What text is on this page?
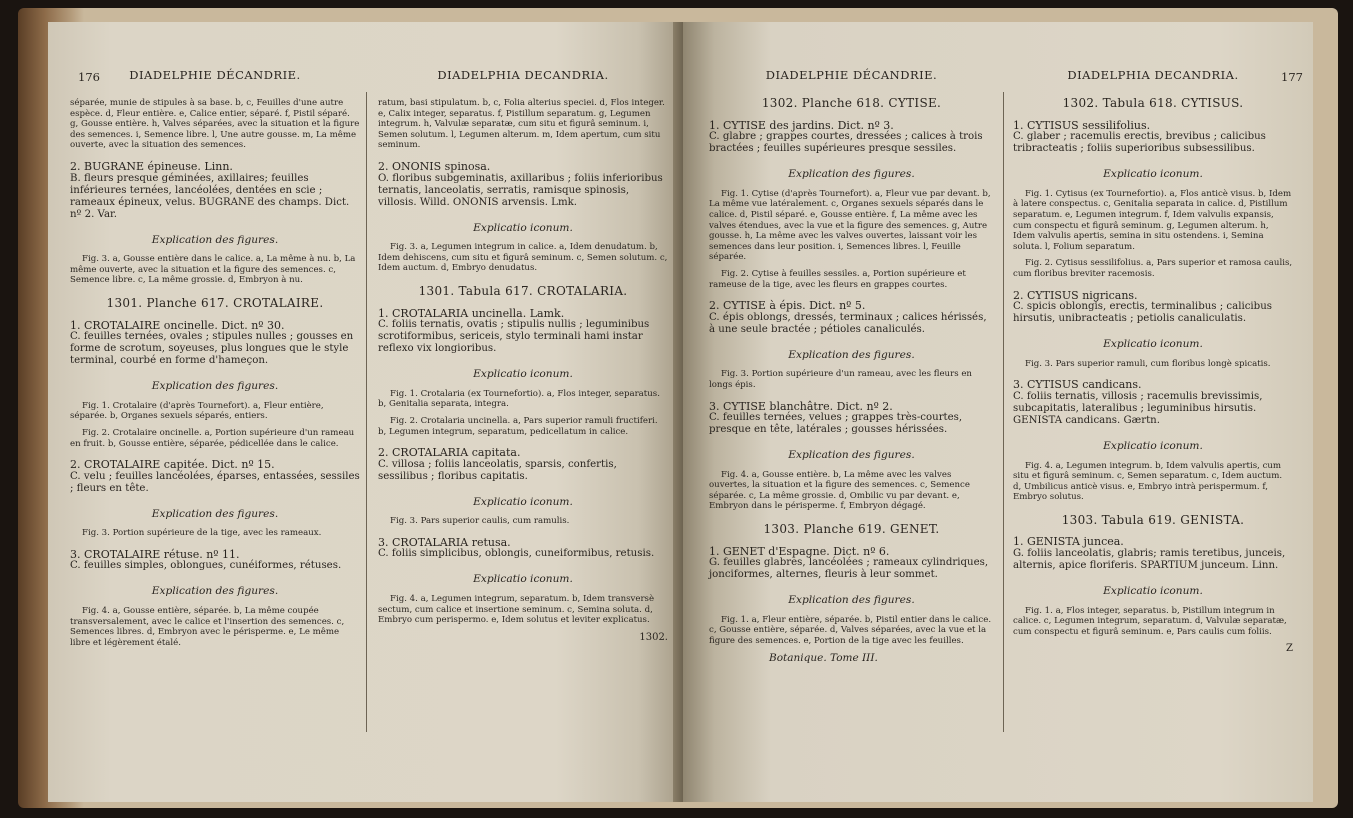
176	DIADELPHIE DÉCANDRIE.
séparée, munie de stipules à sa base. b, c, Feuilles d'une autre espèce. d, Fleur entière. e, Calice entier, séparé. f, Pistil séparé. g, Gousse entière. h, Valves séparées, avec la situation et la figure des semences. i, Semence libre. l, Une autre gousse. m, La même ouverte, avec la situation des semences.
2. BUGRANE épineuse. Linn.
B. fleurs presque géminées, axillaires; feuilles inférieures ternées, lancéolées, dentées en scie ; rameaux épineux, velus. BUGRANE des champs. Dict. nº 2. Var.
Explication des figures.
Fig. 3. a, Gousse entière dans le calice. a, La même à nu. b, La même ouverte, avec la situation et la figure des semences. c, Semence libre. c, La même grossie. d, Embryon à nu.
1301. Planche 617. CROTALAIRE.
1. CROTALAIRE oncinelle. Dict. nº 30.
C. feuilles ternées, ovales ; stipules nulles ; gousses en forme de scrotum, soyeuses, plus longues que le style terminal, courbé en forme d'hameçon.
Explication des figures.
Fig. 1. Crotalaire (d'après Tournefort). a, Fleur entière, séparée. b, Organes sexuels séparés, entiers.
Fig. 2. Crotalaire oncinelle. a, Portion supérieure d'un rameau en fruit. b, Gousse entière, séparée, pédicellée dans le calice.
2. CROTALAIRE capitée. Dict. nº 15.
C. velu ; feuilles lancéolées, éparses, entassées, sessiles ; fleurs en tête.
Explication des figures.
Fig. 3. Portion supérieure de la tige, avec les rameaux.
3. CROTALAIRE rétuse. nº 11.
C. feuilles simples, oblongues, cunéiformes, rétuses.
Explication des figures.
Fig. 4. a, Gousse entière, séparée. b, La même coupée transversalement, avec le calice et l'insertion des semences. c, Semences libres. d, Embryon avec le périsperme. e, Le même libre et légèrement étalé.
DIADELPHIA DECANDRIA.
ratum, basi stipulatum. b, c, Folia alterius speciei. d, Flos integer. e, Calix integer, separatus. f, Pistillum separatum. g, Legumen integrum. h, Valvulæ separatæ, cum situ et figurâ seminum. i, Semen solutum. l, Legumen alterum. m, Idem apertum, cum situ seminum.
2. ONONIS spinosa.
O. floribus subgeminatis, axillaribus ; foliis inferioribus ternatis, lanceolatis, serratis, ramisque spinosis, villosis. Willd. ONONIS arvensis. Lmk.
Explicatio iconum.
Fig. 3. a, Legumen integrum in calice. a, Idem denudatum. b, Idem dehiscens, cum situ et figurâ seminum. c, Semen solutum. c, Idem auctum. d, Embryo denudatus.
1301. Tabula 617. CROTALARIA.
1. CROTALARIA uncinella. Lamk.
C. foliis ternatis, ovatis ; stipulis nullis ; leguminibus scrotiformibus, sericeis, stylo terminali hami instar reflexo vix longioribus.
Explicatio iconum.
Fig. 1. Crotalaria (ex Tournefortio). a, Flos integer, separatus. b, Genitalia separata, integra.
Fig. 2. Crotalaria uncinella. a, Pars superior ramuli fructiferi. b, Legumen integrum, separatum, pedicellatum in calice.
2. CROTALARIA capitata.
C. villosa ; foliis lanceolatis, sparsis, confertis, sessilibus ; floribus capitatis.
Explicatio iconum.
Fig. 3. Pars superior caulis, cum ramulis.
3. CROTALARIA retusa.
C. foliis simplicibus, oblongis, cuneiformibus, retusis.
Explicatio iconum.
Fig. 4. a, Legumen integrum, separatum. b, Idem transversè sectum, cum calice et insertione seminum. c, Semina soluta. d, Embryo cum perispermo. e, Idem solutus et leviter explicatus.
1302.
177
DIADELPHIE DÉCANDRIE.
1302. Planche 618. CYTISE.
1. CYTISE des jardins. Dict. nº 3.
C. glabre ; grappes courtes, dressées ; calices à trois bractées ; feuilles supérieures presque sessiles.
Explication des figures.
Fig. 1. Cytise (d'après Tournefort). a, Fleur vue par devant. b, La même vue latéralement. c, Organes sexuels séparés dans le calice. d, Pistil séparé. e, Gousse entière. f, La même avec les valves étendues, avec la vue et la figure des semences. g, Autre gousse. h, La même avec les valves ouvertes, laissant voir les semences dans leur position. i, Semences libres. l, Feuille séparée.
Fig. 2. Cytise à feuilles sessiles. a, Portion supérieure et rameuse de la tige, avec les fleurs en grappes courtes.
2. CYTISE à épis. Dict. nº 5.
C. épis oblongs, dressés, terminaux ; calices hérissés, à une seule bractée ; pétioles canaliculés.
Explication des figures.
Fig. 3. Portion supérieure d'un rameau, avec les fleurs en longs épis.
3. CYTISE blanchâtre. Dict. nº 2.
C. feuilles ternées, velues ; grappes très-courtes, presque en tête, latérales ; gousses hérissées.
Explication des figures.
Fig. 4. a, Gousse entière. b, La même avec les valves ouvertes, la situation et la figure des semences. c, Semence séparée. c, La même grossie. d, Ombilic vu par devant. e, Embryon dans le périsperme. f, Embryon dégagé.
1303. Planche 619. GENET.
1. GENET d'Espagne. Dict. nº 6.
G. feuilles glabres, lancéolées ; rameaux cylindriques, jonciformes, alternes, fleuris à leur sommet.
Explication des figures.
Fig. 1. a, Fleur entière, séparée. b, Pistil entier dans le calice. c, Gousse entière, séparée. d, Valves séparées, avec la vue et la figure des semences. e, Portion de la tige avec les feuilles.
Botanique. Tome III.
DIADELPHIA DECANDRIA.
1302. Tabula 618. CYTISUS.
1. CYTISUS sessilifolius.
C. glaber ; racemulis erectis, brevibus ; calicibus tribracteatis ; foliis superioribus subsessilibus.
Explicatio iconum.
Fig. 1. Cytisus (ex Tournefortio). a, Flos anticè visus. b, Idem à latere conspectus. c, Genitalia separata in calice. d, Pistillum separatum. e, Legumen integrum. f, Idem valvulis expansis, cum conspectu et figurâ seminum. g, Legumen alterum. h, Idem valvulis apertis, semina in situ ostendens. i, Semina soluta. l, Folium separatum.
Fig. 2. Cytisus sessilifolius. a, Pars superior et ramosa caulis, cum floribus breviter racemosis.
2. CYTISUS nigricans.
C. spicis oblongis, erectis, terminalibus ; calicibus hirsutis, unibracteatis ; petiolis canaliculatis.
Explicatio iconum.
Fig. 3. Pars superior ramuli, cum floribus longè spicatis.
3. CYTISUS candicans.
C. foliis ternatis, villosis ; racemulis brevissimis, subcapitatis, lateralibus ; leguminibus hirsutis. GENISTA candicans. Gærtn.
Explicatio iconum.
Fig. 4. a, Legumen integrum. b, Idem valvulis apertis, cum situ et figurâ seminum. c, Semen separatum. c, Idem auctum. d, Umbilicus anticè visus. e, Embryo intrà perispermum. f, Embryo solutus.
1303. Tabula 619. GENISTA.
1. GENISTA juncea.
G. foliis lanceolatis, glabris; ramis teretibus, junceis, alternis, apice floriferis. SPARTIUM junceum. Linn.
Explicatio iconum.
Fig. 1. a, Flos integer, separatus. b, Pistillum integrum in calice. c, Legumen integrum, separatum. d, Valvulæ separatæ, cum conspectu et figurâ seminum. e, Pars caulis cum foliis.
Z
